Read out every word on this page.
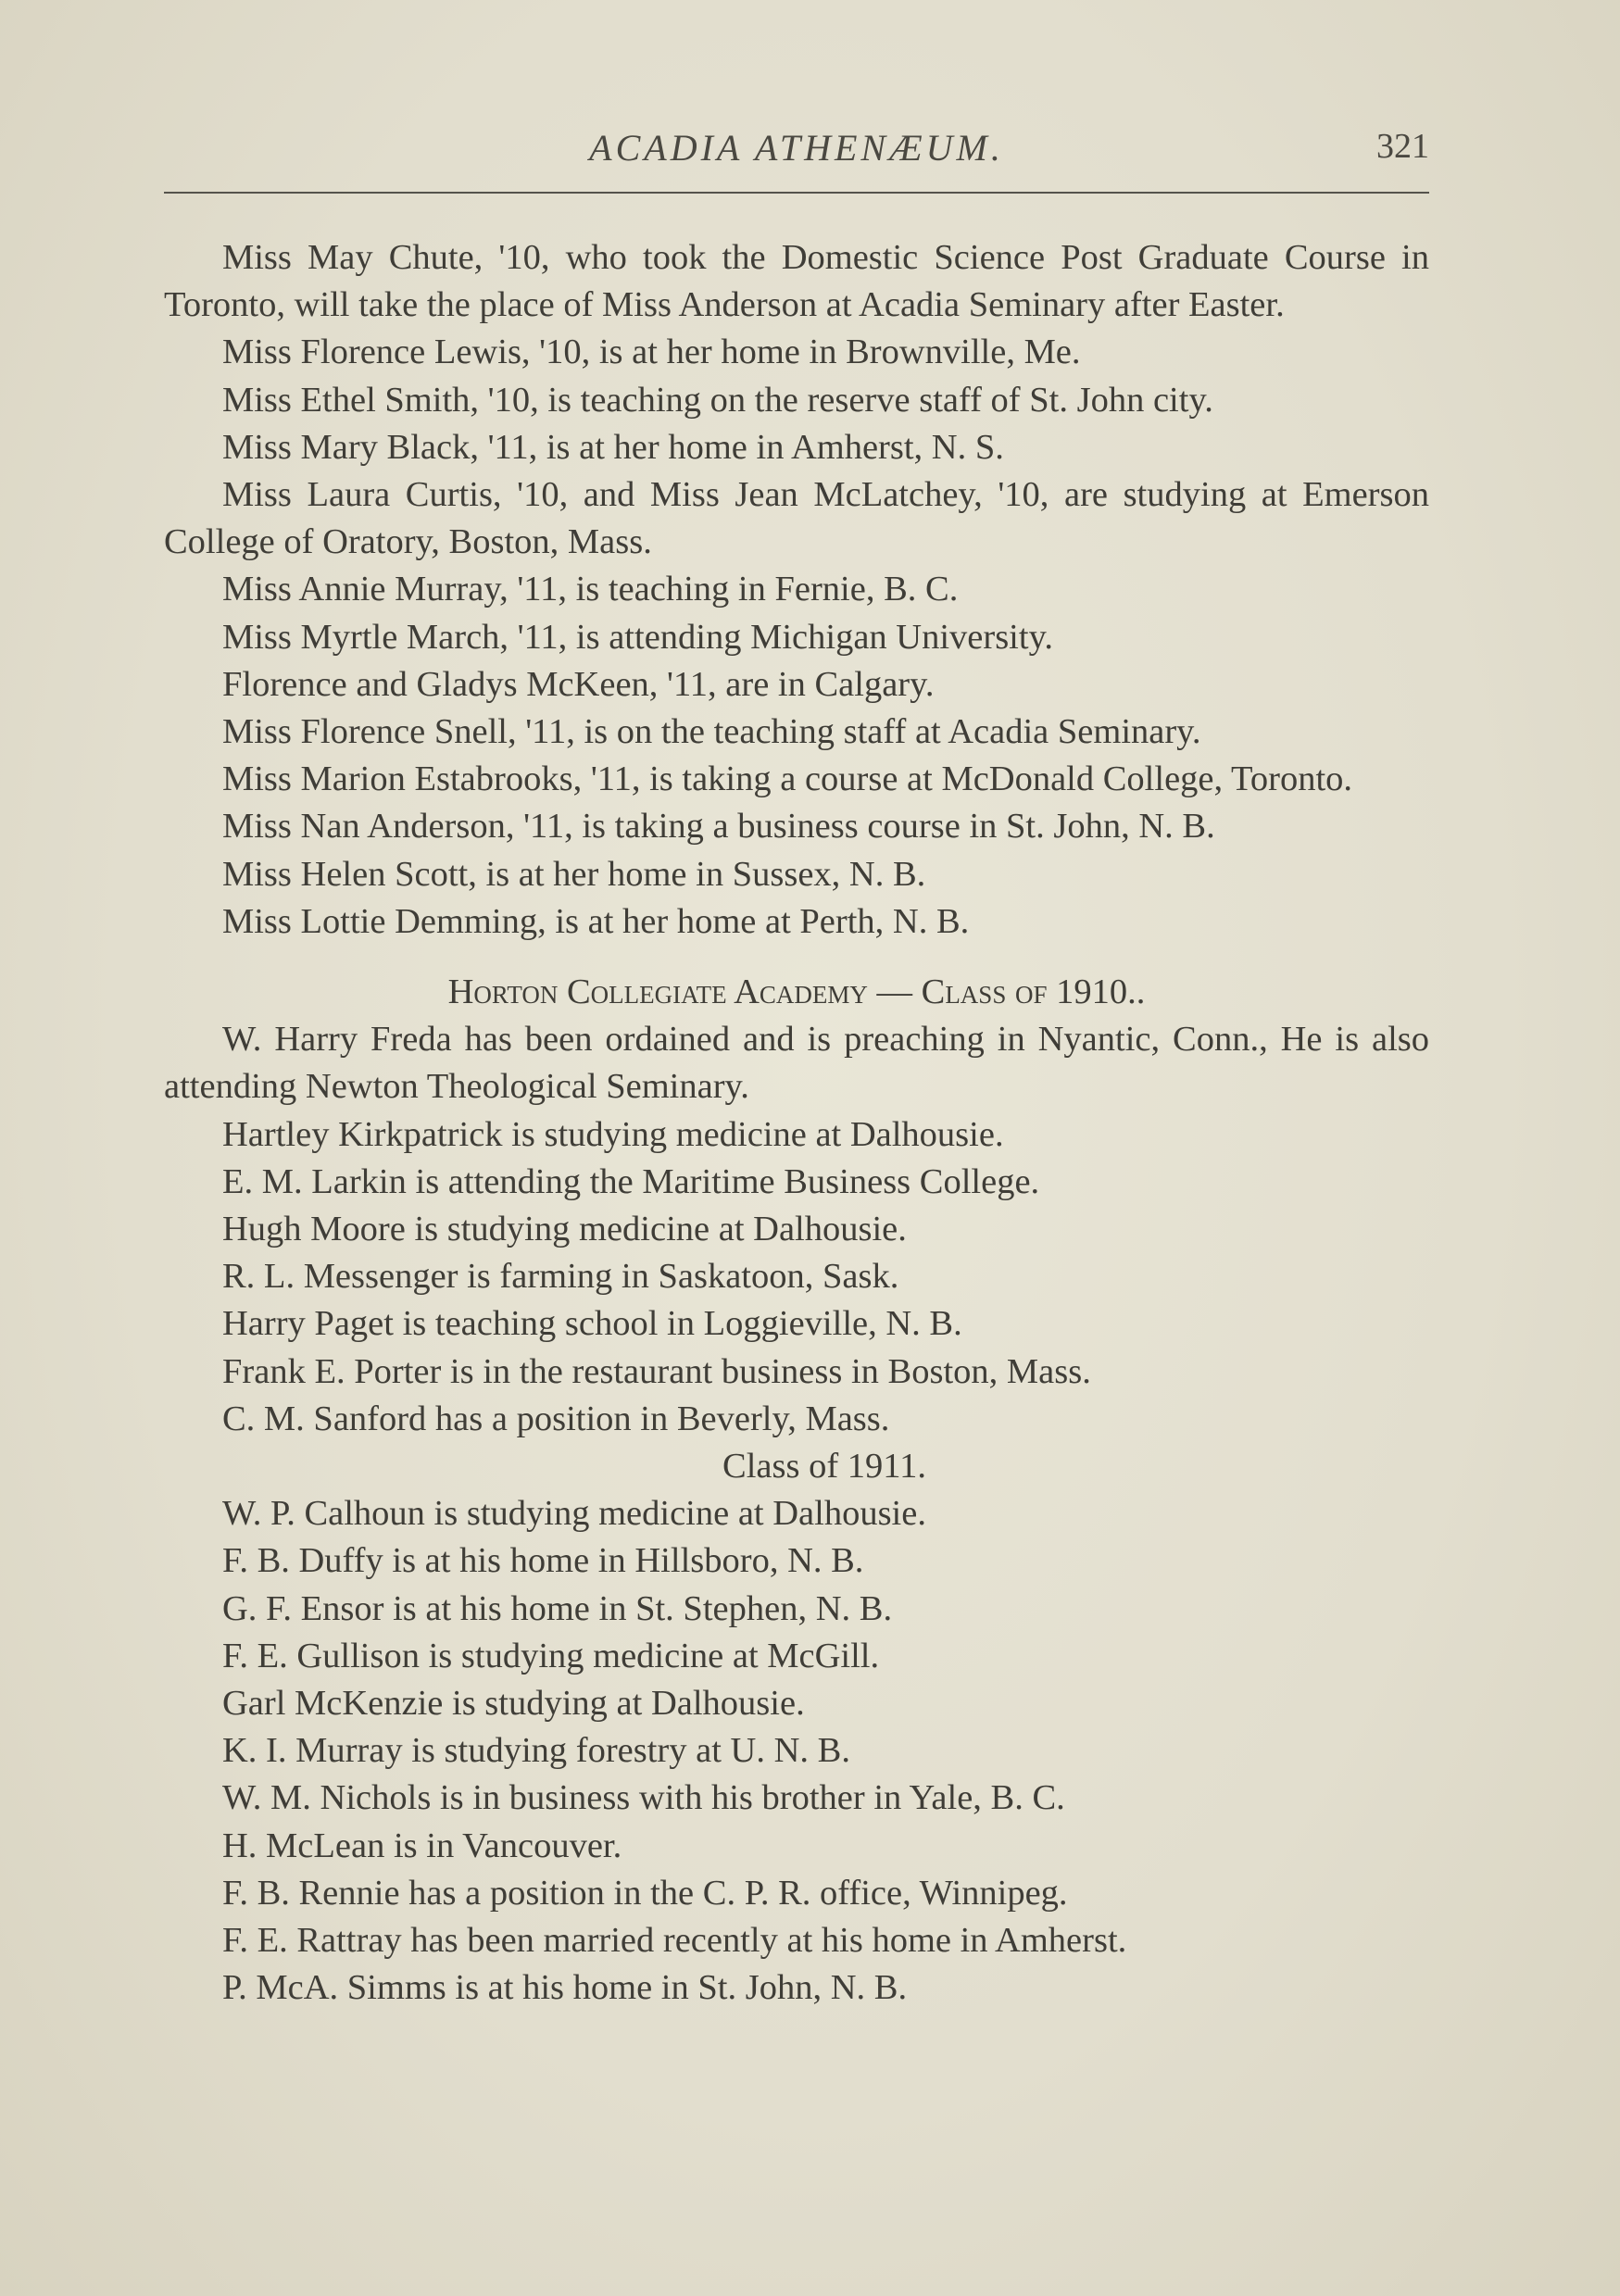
ACADIA ATHENÆUM.	321

Miss May Chute, '10, who took the Domestic Science Post Graduate Course in Toronto, will take the place of Miss Anderson at Acadia Seminary after Easter.

Miss Florence Lewis, '10, is at her home in Brownville, Me.

Miss Ethel Smith, '10, is teaching on the reserve staff of St. John city.

Miss Mary Black, '11, is at her home in Amherst, N. S.

Miss Laura Curtis, '10, and Miss Jean McLatchey, '10, are studying at Emerson College of Oratory, Boston, Mass.

Miss Annie Murray, '11, is teaching in Fernie, B. C.

Miss Myrtle March, '11, is attending Michigan University.

Florence and Gladys McKeen, '11, are in Calgary.

Miss Florence Snell, '11, is on the teaching staff at Acadia Seminary.

Miss Marion Estabrooks, '11, is taking a course at McDonald College, Toronto.

Miss Nan Anderson, '11, is taking a business course in St. John, N. B.

Miss Helen Scott, is at her home in Sussex, N. B.

Miss Lottie Demming, is at her home at Perth, N. B.

Horton Collegiate Academy — Class of 1910..

W. Harry Freda has been ordained and is preaching in Nyantic, Conn., He is also attending Newton Theological Seminary.

Hartley Kirkpatrick is studying medicine at Dalhousie.

E. M. Larkin is attending the Maritime Business College.

Hugh Moore is studying medicine at Dalhousie.

R. L. Messenger is farming in Saskatoon, Sask.

Harry Paget is teaching school in Loggieville, N. B.

Frank E. Porter is in the restaurant business in Boston, Mass.

C. M. Sanford has a position in Beverly, Mass.

Class of 1911.

W. P. Calhoun is studying medicine at Dalhousie.

F. B. Duffy is at his home in Hillsboro, N. B.

G. F. Ensor is at his home in St. Stephen, N. B.

F. E. Gullison is studying medicine at McGill.

Garl McKenzie is studying at Dalhousie.

K. I. Murray is studying forestry at U. N. B.

W. M. Nichols is in business with his brother in Yale, B. C.

H. McLean is in Vancouver.

F. B. Rennie has a position in the C. P. R. office, Winnipeg.

F. E. Rattray has been married recently at his home in Amherst.

P. McA. Simms is at his home in St. John, N. B.
